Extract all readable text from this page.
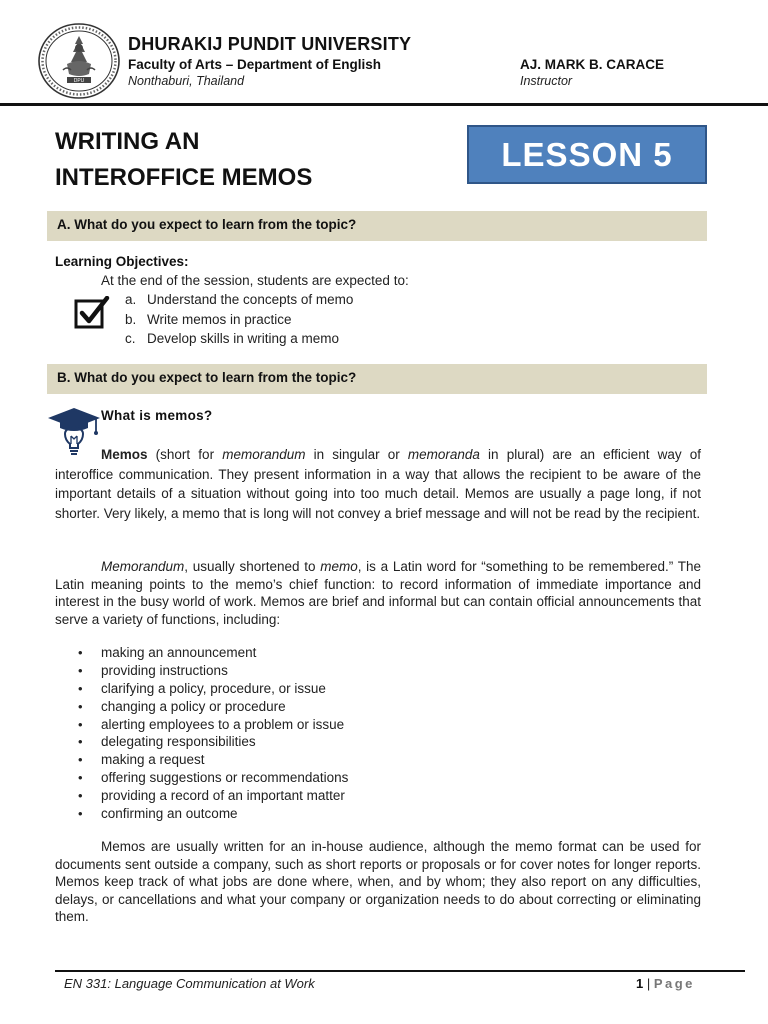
DPU
DHURAKIJ PUNDIT UNIVERSITY
Faculty of Arts – Department of English
Nonthaburi, Thailand
AJ. MARK B. CARACE
Instructor
WRITING AN
INTEROFFICE MEMOS
LESSON 5
A. What do you expect to learn from the topic?
Learning Objectives:
At the end of the session, students are expected to:
a. Understand the concepts of memo
b. Write memos in practice
c. Develop skills in writing a memo
B. What do you expect to learn from the topic?
What is memos?
Memos (short for memorandum in singular or memoranda in plural) are an efficient way of interoffice communication. They present information in a way that allows the recipient to be aware of the important details of a situation without going into too much detail. Memos are usually a page long, if not shorter. Very likely, a memo that is long will not convey a brief message and will not be read by the recipient.
Memorandum, usually shortened to memo, is a Latin word for “something to be remembered.” The Latin meaning points to the memo’s chief function: to record information of immediate importance and interest in the busy world of work. Memos are brief and informal but can contain official announcements that serve a variety of functions, including:
• making an announcement
• providing instructions
• clarifying a policy, procedure, or issue
• changing a policy or procedure
• alerting employees to a problem or issue
• delegating responsibilities
• making a request
• offering suggestions or recommendations
• providing a record of an important matter
• confirming an outcome
Memos are usually written for an in-house audience, although the memo format can be used for documents sent outside a company, such as short reports or proposals or for cover notes for longer reports. Memos keep track of what jobs are done where, when, and by whom; they also report on any difficulties, delays, or cancellations and what your company or organization needs to do about correcting or eliminating them.
EN 331: Language Communication at Work	1 | Page
